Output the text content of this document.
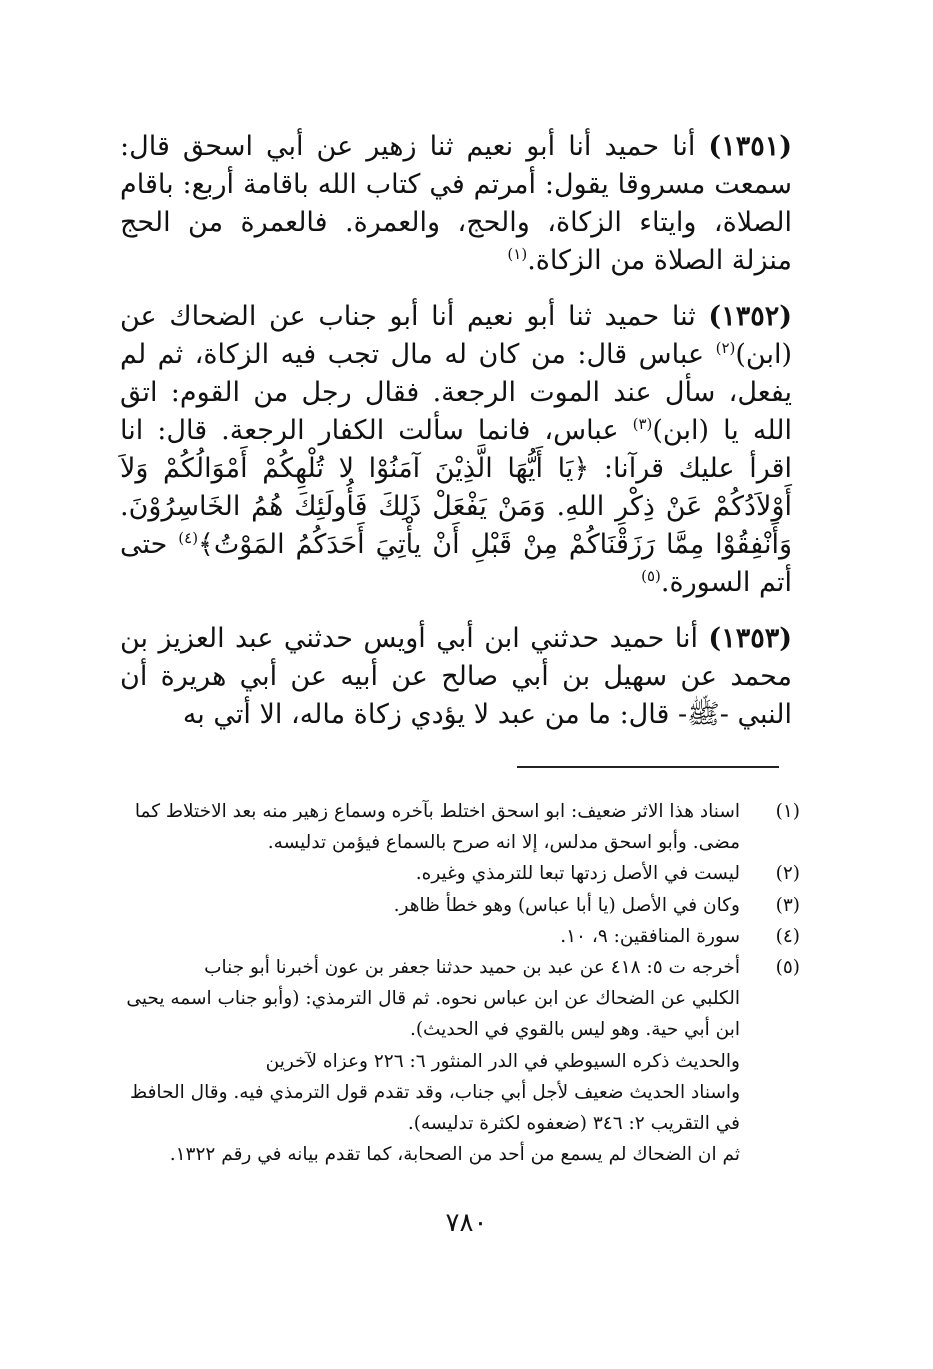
(١٣٥١) أنا حميد أنا أبو نعيم ثنا زهير عن أبي اسحق قال: سمعت مسروقا يقول: أمرتم في كتاب الله باقامة أربع: باقام الصلاة، وايتاء الزكاة، والحج، والعمرة. فالعمرة من الحج منزلة الصلاة من الزكاة.$^{(١)}$

(١٣٥٢) ثنا حميد ثنا أبو نعيم أنا أبو جناب عن الضحاك عن (ابن)$^{(٢)}$ عباس قال: من كان له مال تجب فيه الزكاة، ثم لم يفعل، سأل عند الموت الرجعة. فقال رجل من القوم: اتق الله يا (ابن)$^{(٣)}$ عباس، فانما سألت الكفار الرجعة. قال: انا اقرأ عليك قرآنا: ﴿يَا أَيُّهَا الَّذِيْنَ آمَنُوْا لا تُلْهِكُمْ أَمْوَالُكُمْ وَلاَ أَوْلاَدُكُمْ عَنْ ذِكْرِ اللهِ. وَمَنْ يَفْعَلْ ذَلِكَ فَأُولَئِكَ هُمُ الخَاسِرُوْنَ. وَأَنْفِقُوْا مِمَّا رَزَقْنَاكُمْ مِنْ قَبْلِ أَنْ يأْتِيَ أَحَدَكُمُ المَوْتُ﴾$^{(٤)}$ حتى أتم السورة.$^{(٥)}$

(١٣٥٣) أنا حميد حدثني ابن أبي أويس حدثني عبد العزيز بن محمد عن سهيل بن أبي صالح عن أبيه عن أبي هريرة أن النبي -ﷺ- قال: ما من عبد لا يؤدي زكاة ماله، الا أتي به

(١)
اسناد هذا الاثر ضعيف: ابو اسحق اختلط بآخره وسماع زهير منه بعد الاختلاط كما
مضى. وأبو اسحق مدلس، إلا انه صرح بالسماع فيؤمن تدليسه.
(٢)
ليست في الأصل زدتها تبعا للترمذي وغيره.
(٣)
وكان في الأصل (يا أبا عباس) وهو خطأ ظاهر.
(٤)
سورة المنافقين: ٩، ١٠.
(٥)
أخرجه ت ٥: ٤١٨ عن عبد بن حميد حدثنا جعفر بن عون أخبرنا أبو جناب
الكلبي عن الضحاك عن ابن عباس نحوه. ثم قال الترمذي: (وأبو جناب اسمه يحيى
ابن أبي حية. وهو ليس بالقوي في الحديث).
والحديث ذكره السيوطي في الدر المنثور ٦: ٢٢٦ وعزاه لآخرين
واسناد الحديث ضعيف لأجل أبي جناب، وقد تقدم قول الترمذي فيه. وقال الحافظ
في التقريب ٢: ٣٤٦ (ضعفوه لكثرة تدليسه).
ثم ان الضحاك لم يسمع من أحد من الصحابة، كما تقدم بيانه في رقم ١٣٢٢.
٧٨٠
